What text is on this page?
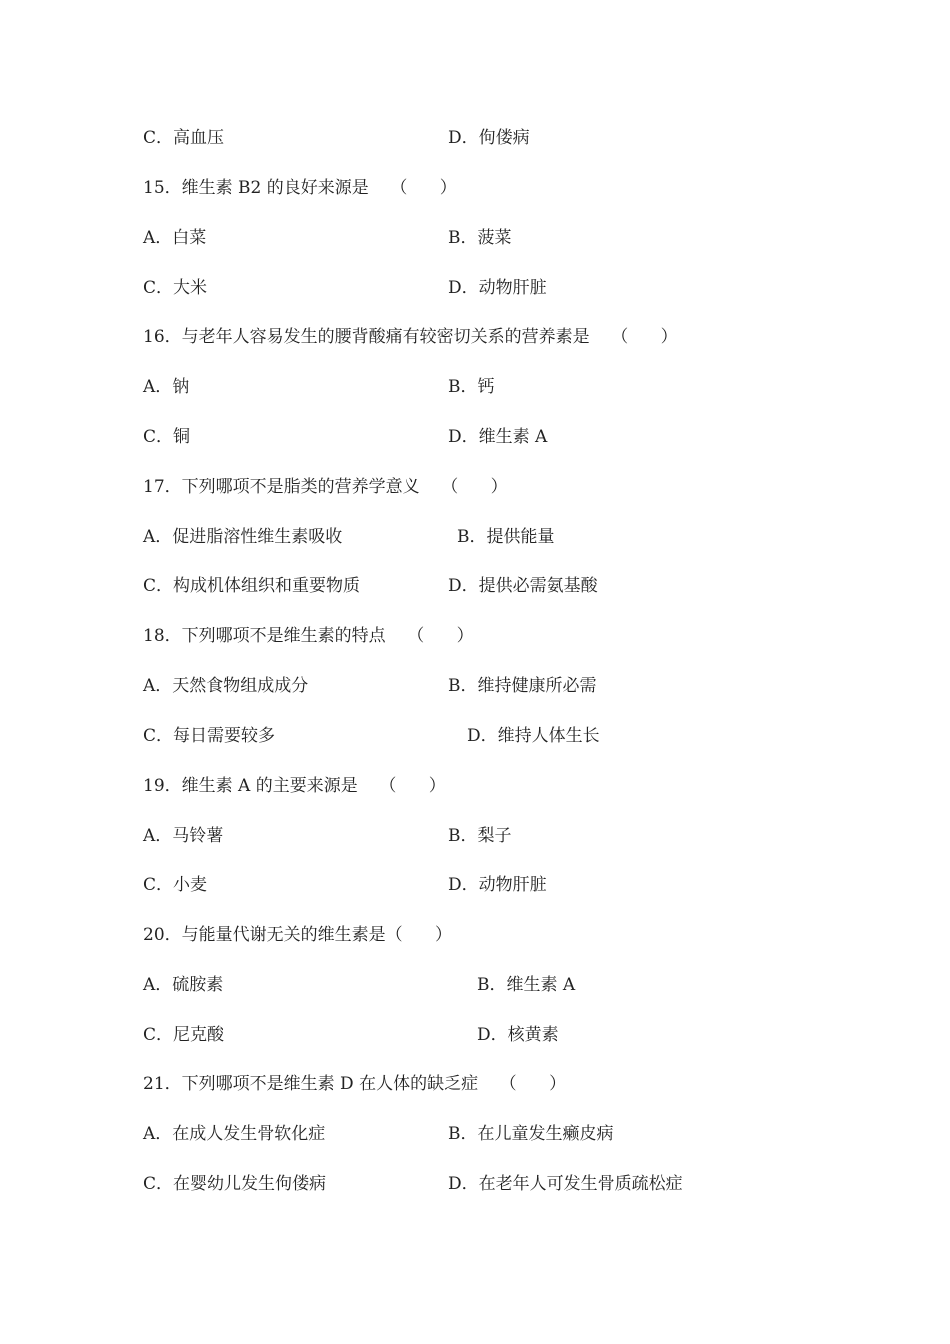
C．高血压	D．佝偻病
15．维生素 B2 的良好来源是    （      ）
A．白菜	B．菠菜
C．大米	D．动物肝脏
16．与老年人容易发生的腰背酸痛有较密切关系的营养素是    （      ）
A．钠	B．钙
C．铜	D．维生素 A
17．下列哪项不是脂类的营养学意义    （      ）
A．促进脂溶性维生素吸收	B．提供能量
C．构成机体组织和重要物质	D．提供必需氨基酸
18．下列哪项不是维生素的特点    （      ）
A．天然食物组成成分	B．维持健康所必需
C．每日需要较多	D．维持人体生长
19．维生素 A 的主要来源是    （      ）
A．马铃薯	B．梨子
C．小麦	D．动物肝脏
20．与能量代谢无关的维生素是（      ）
A．硫胺素	B．维生素 A
C．尼克酸	D．核黄素
21．下列哪项不是维生素 D 在人体的缺乏症    （      ）
A．在成人发生骨软化症	B．在儿童发生癞皮病
C．在婴幼儿发生佝偻病	D．在老年人可发生骨质疏松症
